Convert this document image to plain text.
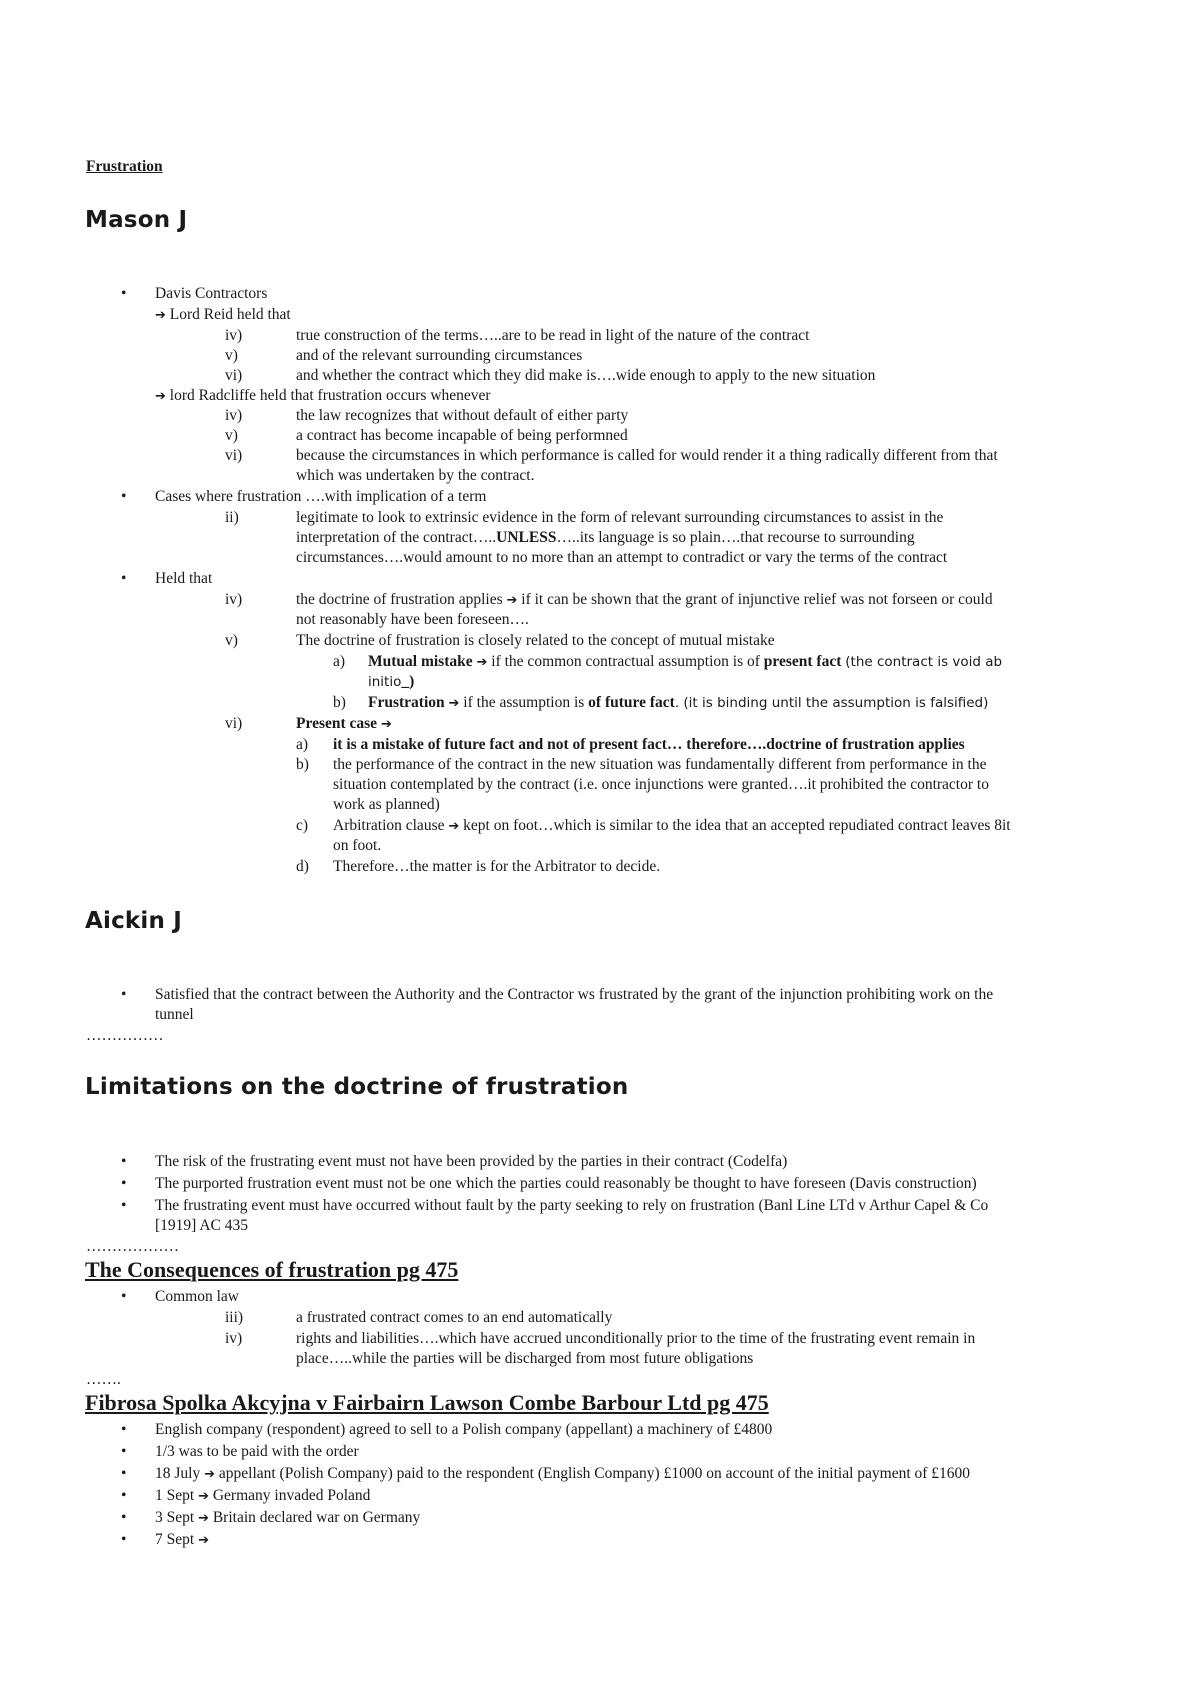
Frustration
Mason J
• Davis Contractors
➔ Lord Reid held that
iv)	true construction of the terms…..are to be read in light of the nature of the contract
v)	and of the relevant surrounding circumstances
vi)	and whether the contract which they did make is….wide enough to apply to the new situation
➔ lord Radcliffe held that frustration occurs whenever
iv)	the law recognizes that without default of either party
v)	a contract has become incapable of being performned
vi)	because the circumstances in which performance is called for would render it a thing radically different from that
which was undertaken by the contract.
• Cases where frustration ….with implication of a term
ii)	legitimate to look to extrinsic evidence in the form of relevant surrounding circumstances to assist in the
interpretation of the contract…..UNLESS…..its language is so plain….that recourse to surrounding
circumstances….would amount to no more than an attempt to contradict or vary the terms of the contract
• Held that
iv)	the doctrine of frustration applies ➔ if it can be shown that the grant of injunctive relief was not forseen or could
not reasonably have been foreseen….
v)	The doctrine of frustration is closely related to the concept of mutual mistake
a) Mutual mistake ➔ if the common contractual assumption is of present fact (the contract is void ab
initio_)
b) Frustration ➔ if the assumption is of future fact. (it is binding until the assumption is falsified)
vi)	Present case ➔
a) it is a mistake of future fact and not of present fact… therefore….doctrine of frustration applies
b) the performance of the contract in the new situation was fundamentally different from performance in the
situation contemplated by the contract (i.e. once injunctions were granted….it prohibited the contractor to
work as planned)
c) Arbitration clause ➔ kept on foot…which is similar to the idea that an accepted repudiated contract leaves 8it
on foot.
d) Therefore…the matter is for the Arbitrator to decide.
Aickin J
• Satisfied that the contract between the Authority and the Contractor ws frustrated by the grant of the injunction prohibiting work on the
tunnel
……………
Limitations on the doctrine of frustration
• The risk of the frustrating event must not have been provided by the parties in their contract (Codelfa)
• The purported frustration event must not be one which the parties could reasonably be thought to have foreseen (Davis construction)
• The frustrating event must have occurred without fault by the party seeking to rely on frustration (Banl Line LTd v Arthur Capel & Co
[1919] AC 435
………………
The Consequences of frustration pg 475
• Common law
iii)	a frustrated contract comes to an end automatically
iv)	rights and liabilities….which have accrued unconditionally prior to the time of the frustrating event remain in
place…..while the parties will be discharged from most future obligations
…….
Fibrosa Spolka Akcyjna v Fairbairn Lawson Combe Barbour Ltd pg 475
• English company (respondent) agreed to sell to a Polish company (appellant) a machinery of £4800
• 1/3 was to be paid with the order
• 18 July ➔ appellant (Polish Company) paid to the respondent (English Company) £1000 on account of the initial payment of £1600
• 1 Sept ➔ Germany invaded Poland
• 3 Sept ➔ Britain declared war on Germany
• 7 Sept ➔
